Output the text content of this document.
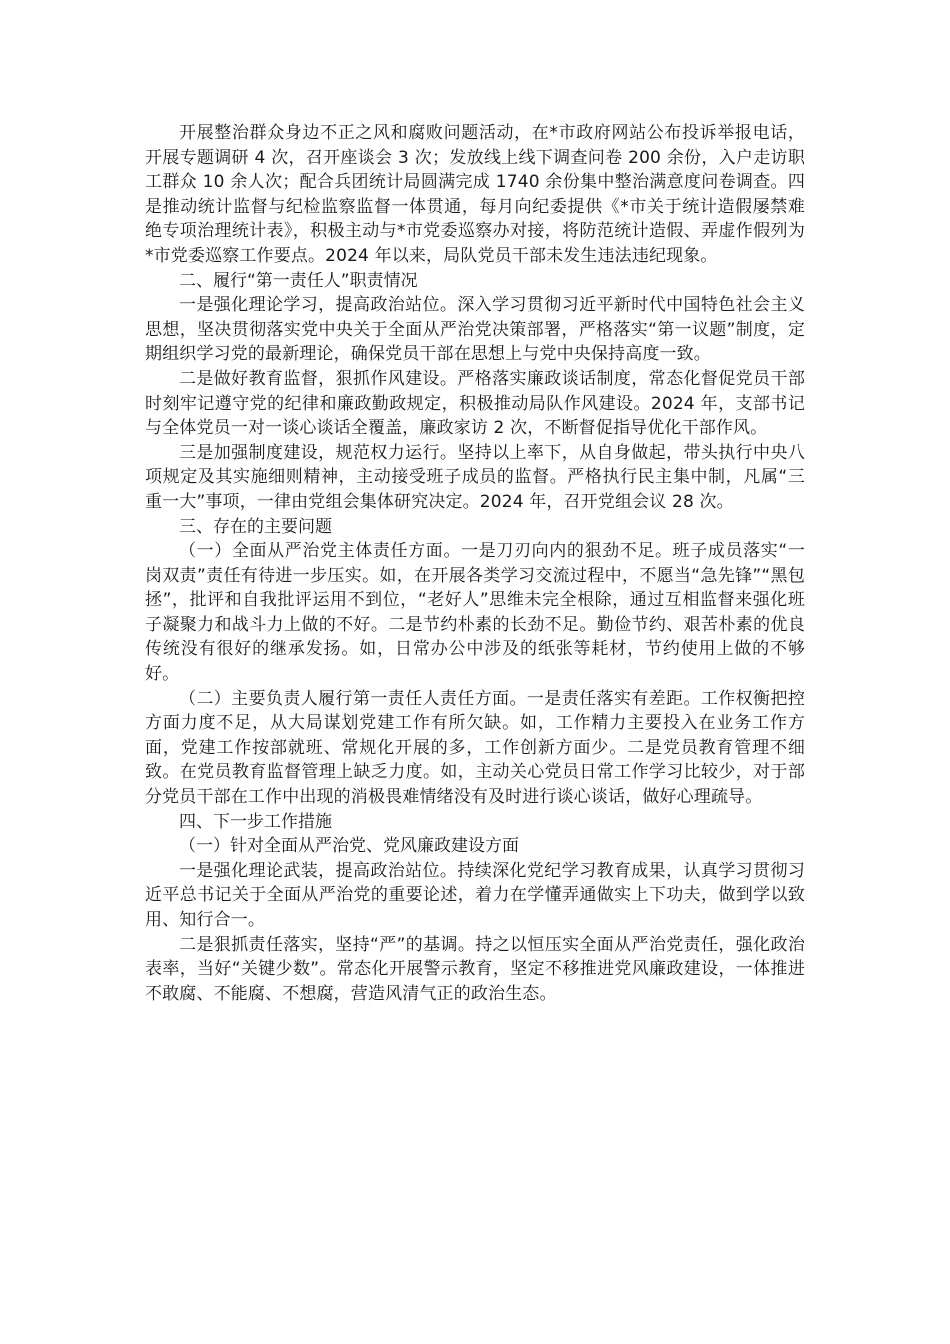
开展整治群众身边不正之风和腐败问题活动，在*市政府网站公布投诉举报电话，开展专题调研 4 次，召开座谈会 3 次；发放线上线下调查问卷 200 余份，入户走访职工群众 10 余人次；配合兵团统计局圆满完成 1740 余份集中整治满意度问卷调查。四是推动统计监督与纪检监察监督一体贯通，每月向纪委提供《*市关于统计造假屡禁难绝专项治理统计表》，积极主动与*市党委巡察办对接，将防范统计造假、弄虚作假列为*市党委巡察工作要点。2024 年以来，局队党员干部未发生违法违纪现象。

二、履行“第一责任人”职责情况

一是强化理论学习，提高政治站位。深入学习贯彻习近平新时代中国特色社会主义思想，坚决贯彻落实党中央关于全面从严治党决策部署，严格落实“第一议题”制度，定期组织学习党的最新理论，确保党员干部在思想上与党中央保持高度一致。

二是做好教育监督，狠抓作风建设。严格落实廉政谈话制度，常态化督促党员干部时刻牢记遵守党的纪律和廉政勤政规定，积极推动局队作风建设。2024 年，支部书记与全体党员一对一谈心谈话全覆盖，廉政家访 2 次，不断督促指导优化干部作风。

三是加强制度建设，规范权力运行。坚持以上率下，从自身做起，带头执行中央八项规定及其实施细则精神，主动接受班子成员的监督。严格执行民主集中制，凡属“三重一大”事项，一律由党组会集体研究决定。2024 年，召开党组会议 28 次。

三、存在的主要问题

（一）全面从严治党主体责任方面。一是刀刃向内的狠劲不足。班子成员落实“一岗双责”责任有待进一步压实。如，在开展各类学习交流过程中，不愿当“急先锋”“黑包拯”，批评和自我批评运用不到位，“老好人”思维未完全根除，通过互相监督来强化班子凝聚力和战斗力上做的不好。二是节约朴素的长劲不足。勤俭节约、艰苦朴素的优良传统没有很好的继承发扬。如，日常办公中涉及的纸张等耗材，节约使用上做的不够好。

（二）主要负责人履行第一责任人责任方面。一是责任落实有差距。工作权衡把控方面力度不足，从大局谋划党建工作有所欠缺。如，工作精力主要投入在业务工作方面，党建工作按部就班、常规化开展的多，工作创新方面少。二是党员教育管理不细致。在党员教育监督管理上缺乏力度。如，主动关心党员日常工作学习比较少，对于部分党员干部在工作中出现的消极畏难情绪没有及时进行谈心谈话，做好心理疏导。

四、下一步工作措施

（一）针对全面从严治党、党风廉政建设方面

一是强化理论武装，提高政治站位。持续深化党纪学习教育成果，认真学习贯彻习近平总书记关于全面从严治党的重要论述，着力在学懂弄通做实上下功夫，做到学以致用、知行合一。

二是狠抓责任落实，坚持“严”的基调。持之以恒压实全面从严治党责任，强化政治表率，当好“关键少数”。常态化开展警示教育，坚定不移推进党风廉政建设，一体推进不敢腐、不能腐、不想腐，营造风清气正的政治生态。
